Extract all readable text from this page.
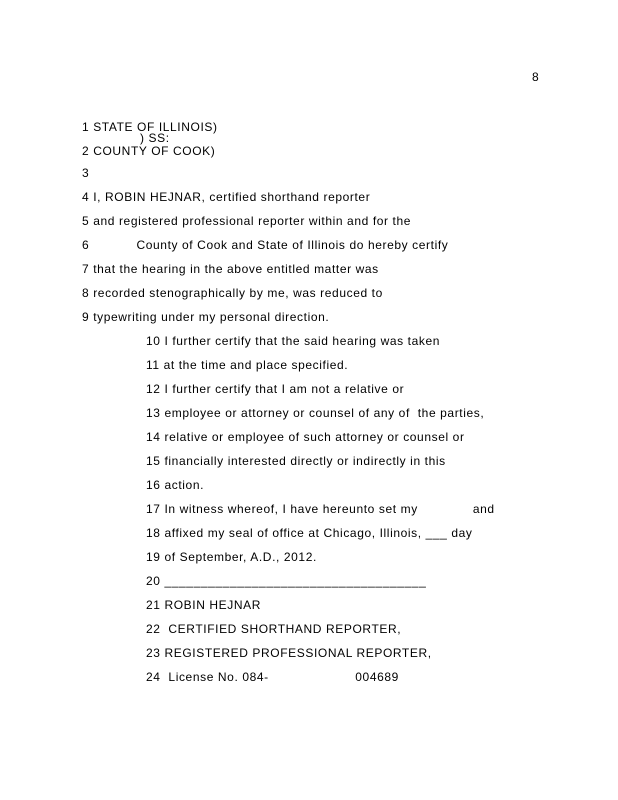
8
1 STATE OF ILLINOIS)
) SS:
2 COUNTY OF COOK)
3
4 I, ROBIN HEJNAR, certified shorthand reporter
5 and registered professional reporter within and for the
6            County of Cook and State of Illinois do hereby certify
7 that the hearing in the above entitled matter was
8 recorded stenographically by me, was reduced to
9 typewriting under my personal direction.
10 I further certify that the said hearing was taken
11 at the time and place specified.
12 I further certify that I am not a relative or
13 employee or attorney or counsel of any of  the parties,
14 relative or employee of such attorney or counsel or
15 financially interested directly or indirectly in this
16 action.
17 In witness whereof, I have hereunto set my              and
18 affixed my seal of office at Chicago, Illinois, ___ day
19 of September, A.D., 2012.
20 ____________________________________
21 ROBIN HEJNAR
22  CERTIFIED SHORTHAND REPORTER,
23 REGISTERED PROFESSIONAL REPORTER,
24  License No. 084-                      004689
